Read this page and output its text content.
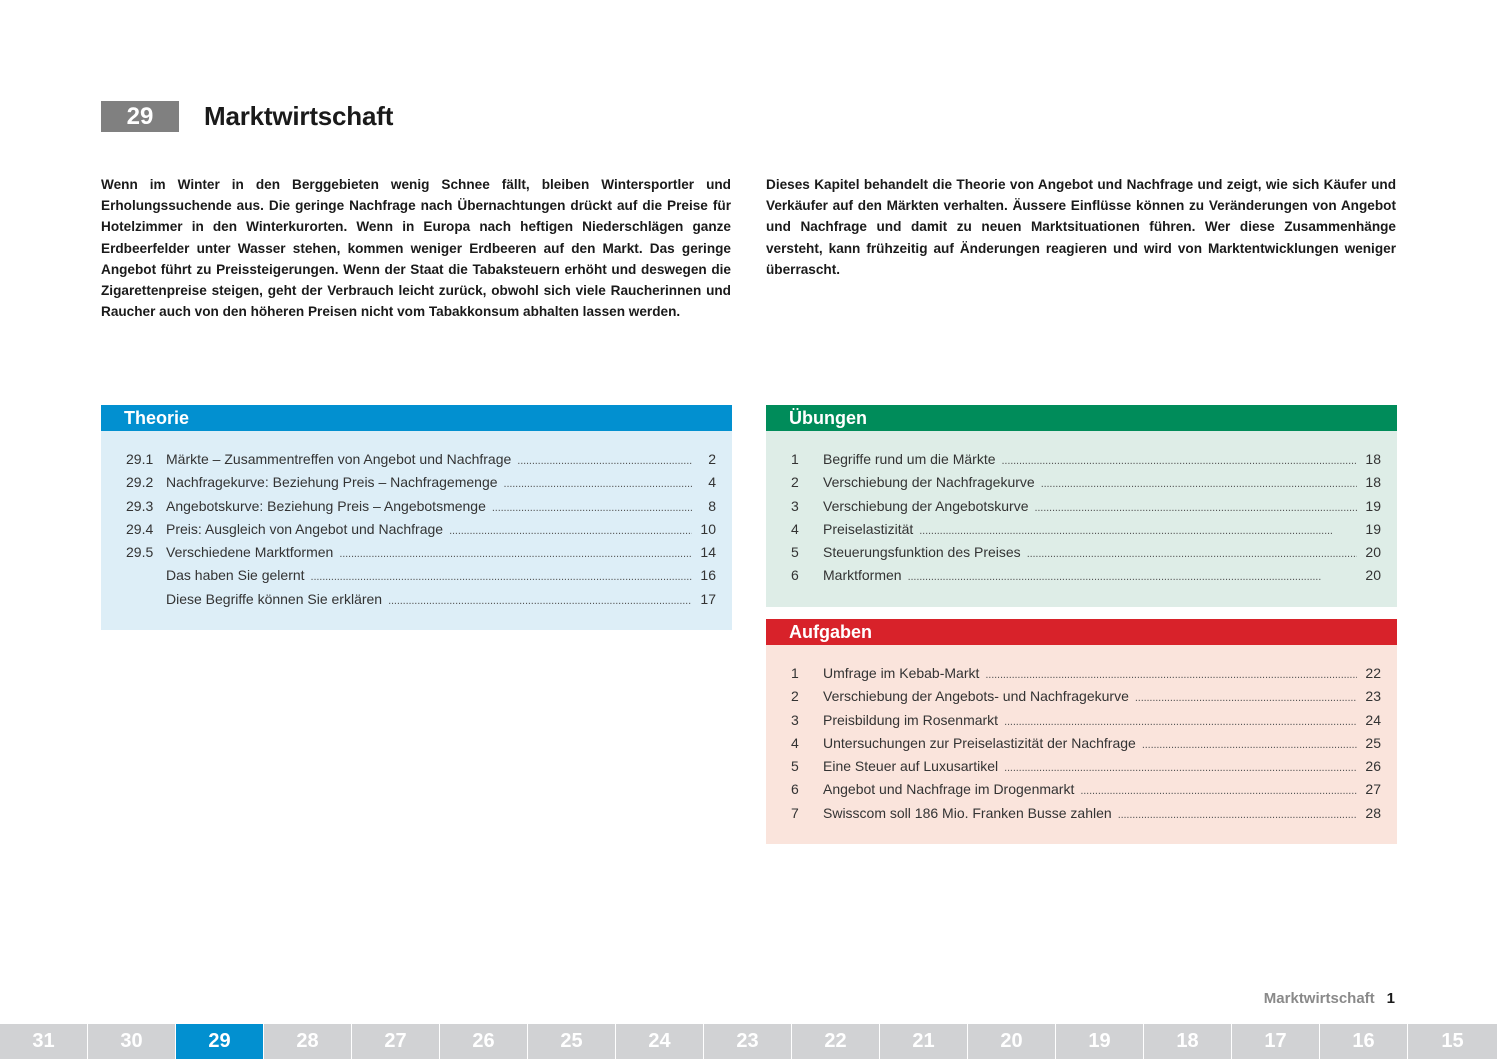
29	Marktwirtschaft

Wenn im Winter in den Berggebieten wenig Schnee fällt, bleiben Wintersportler und Erholungssuchende aus. Die geringe Nachfrage nach Übernachtungen drückt auf die Preise für Hotelzimmer in den Winterkurorten. Wenn in Europa nach heftigen Niederschlägen ganze Erdbeerfelder unter Wasser stehen, kommen weniger Erdbeeren auf den Markt. Das geringe Angebot führt zu Preissteigerungen. Wenn der Staat die Tabaksteuern erhöht und deswegen die Zigarettenpreise steigen, geht der Verbrauch leicht zurück, obwohl sich viele Raucherinnen und Raucher auch von den höheren Preisen nicht vom Tabakkonsum abhalten lassen werden.

Dieses Kapitel behandelt die Theorie von Angebot und Nachfrage und zeigt, wie sich Käufer und Verkäufer auf den Märkten verhalten. Äussere Einflüsse können zu Veränderungen von Angebot und Nachfrage und damit zu neuen Marktsituationen führen. Wer diese Zusammenhänge versteht, kann frühzeitig auf Änderungen reagieren und wird von Marktentwicklungen weniger überrascht.

Theorie
29.1 Märkte – Zusammentreffen von Angebot und Nachfrage . . .	2
29.2 Nachfragekurve: Beziehung Preis – Nachfragemenge . . .	4
29.3 Angebotskurve: Beziehung Preis – Angebotsmenge . . .	8
29.4 Preis: Ausgleich von Angebot und Nachfrage . . .	10
29.5 Verschiedene Marktformen . . .	14
Das haben Sie gelernt . . .	16
Diese Begriffe können Sie erklären . . .	17
Übungen
1	Begriffe rund um die Märkte . . .	18
2	Verschiebung der Nachfragekurve . . .	18
3	Verschiebung der Angebotskurve . . .	19
4	Preiselastizität . . .	19
5	Steuerungsfunktion des Preises . . .	20
6	Marktformen . . .	20
Aufgaben
1	Umfrage im Kebab-Markt . . .	22
2	Verschiebung der Angebots- und Nachfragekurve . . .	23
3	Preisbildung im Rosenmarkt . . .	24
4	Untersuchungen zur Preiselastizität der Nachfrage . . .	25
5	Eine Steuer auf Luxusartikel . . .	26
6	Angebot und Nachfrage im Drogenmarkt . . .	27
7	Swisscom soll 186 Mio. Franken Busse zahlen . . .	28
Marktwirtschaft 1
31	30	29	28	27	26	25	24	23	22	21	20	19	18	17	16	15
